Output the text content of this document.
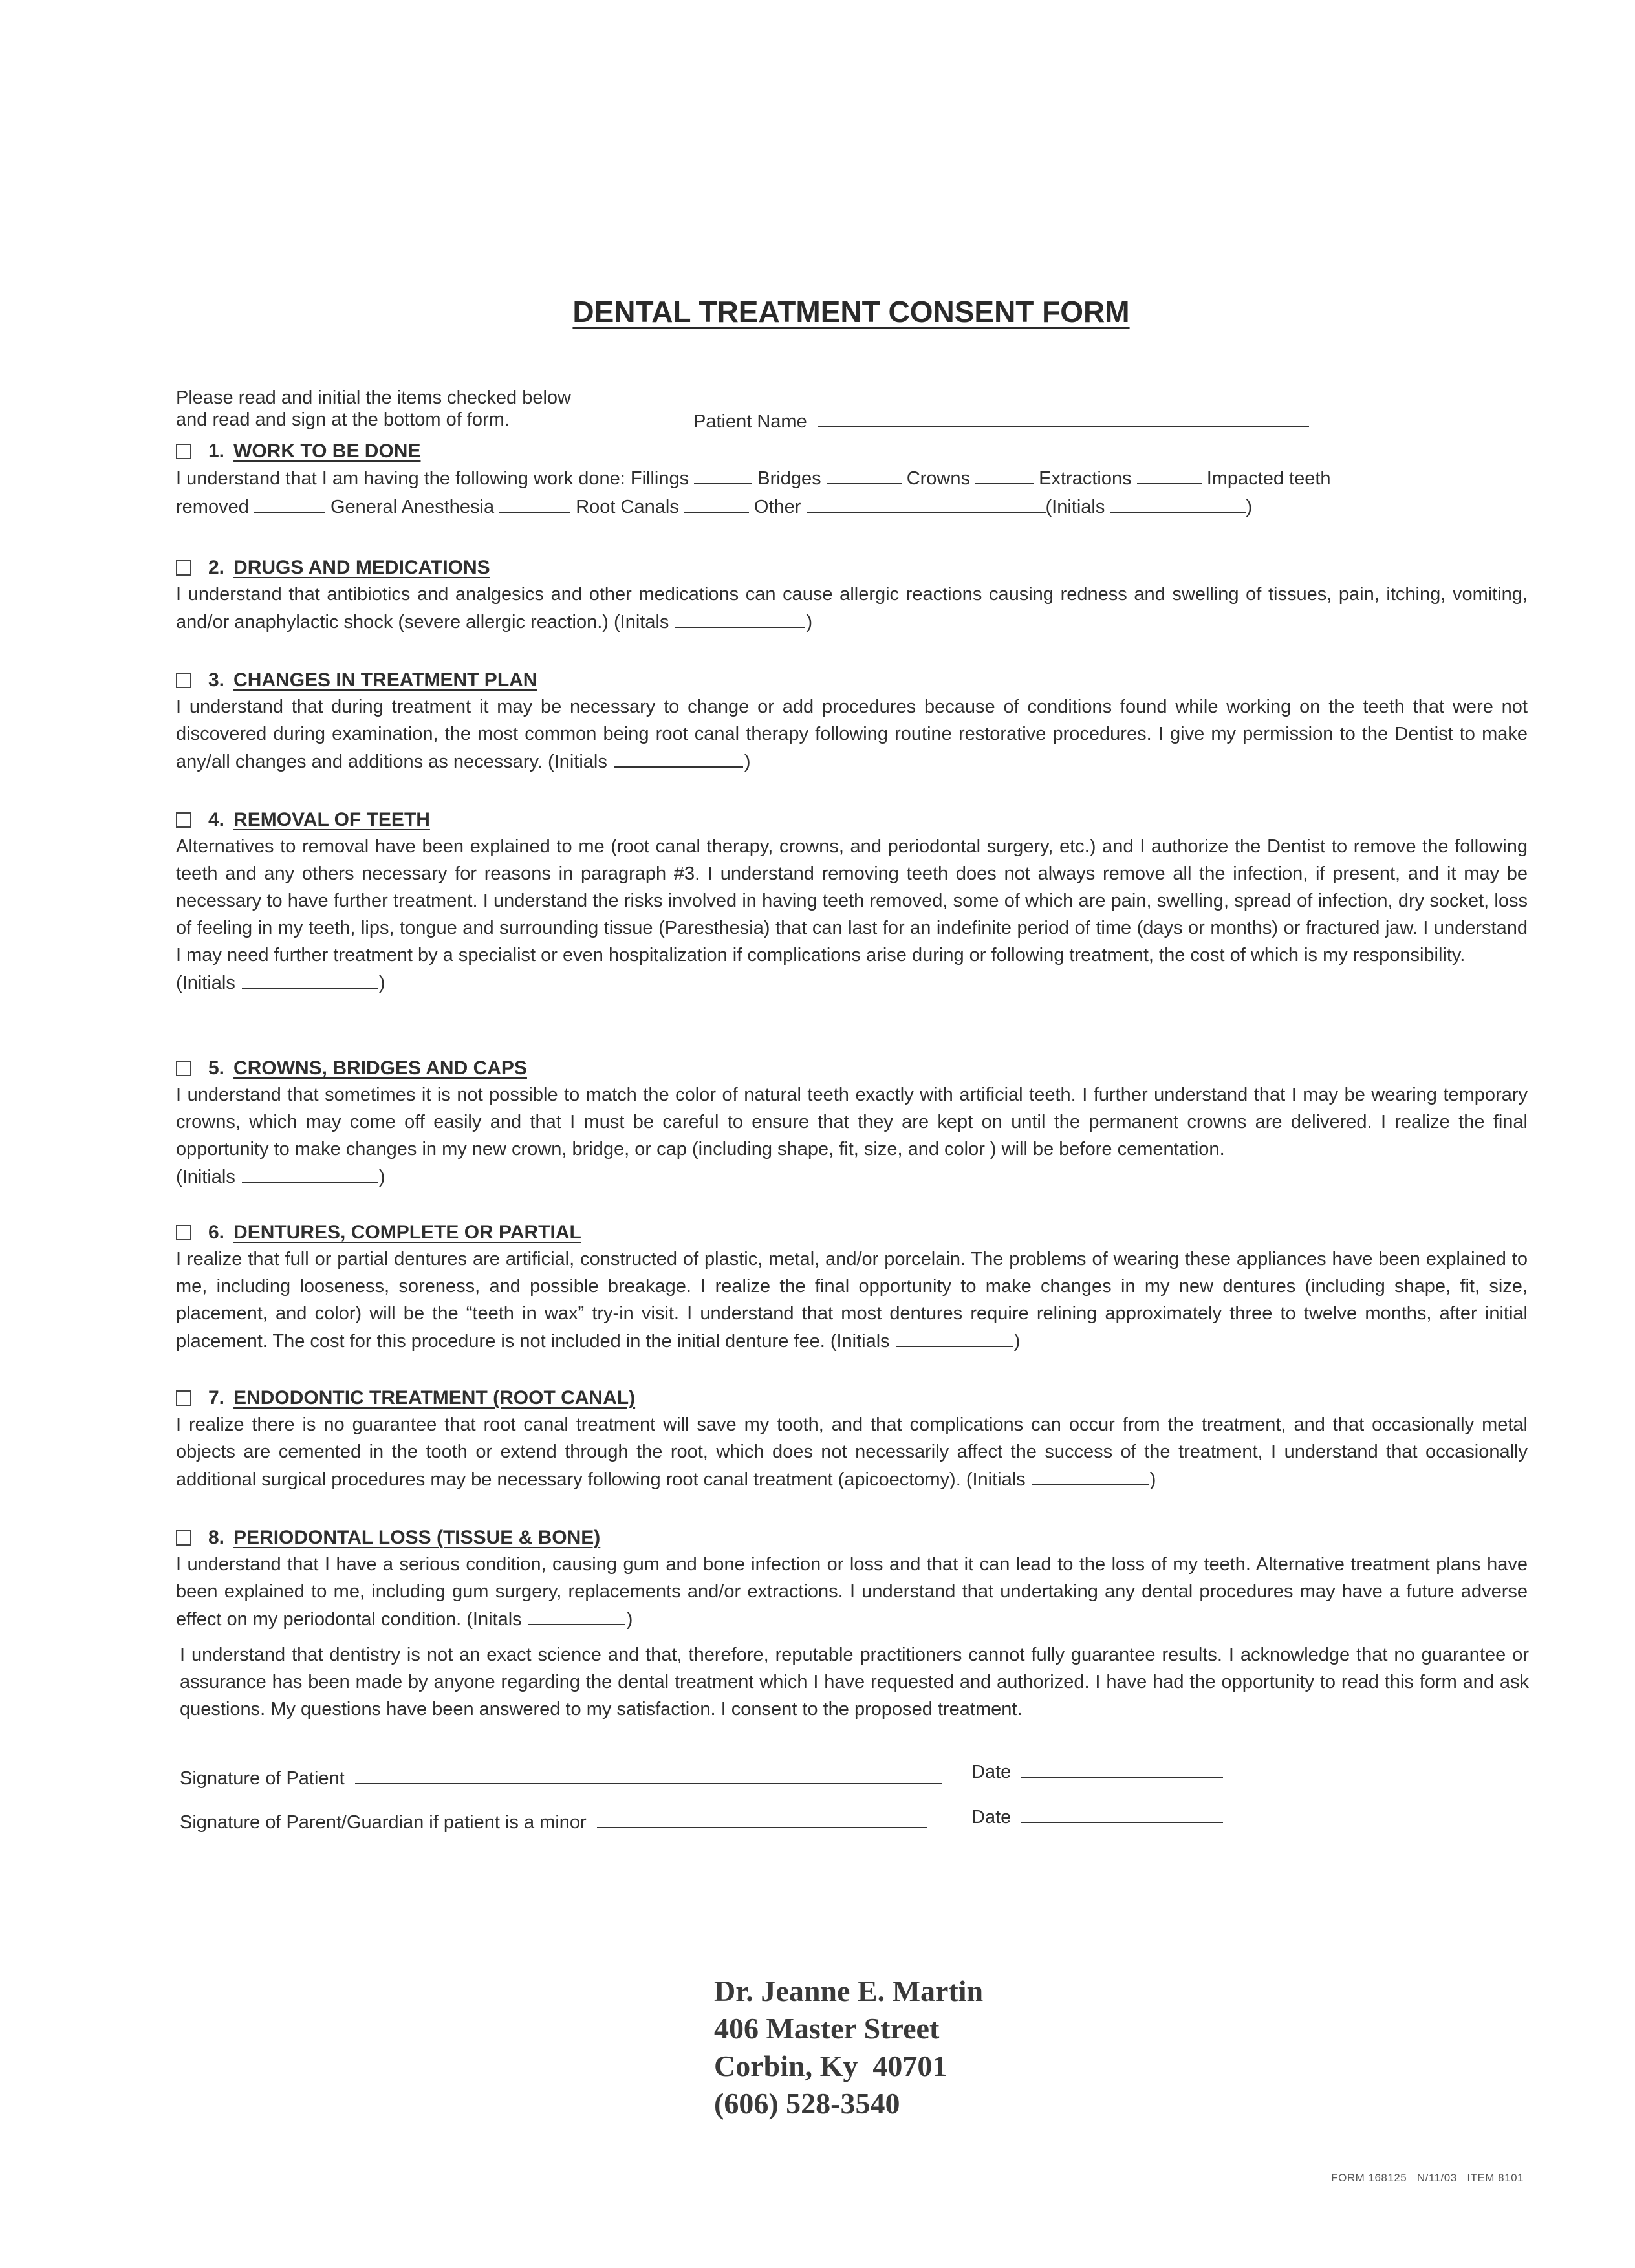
DENTAL TREATMENT CONSENT FORM
Please read and initial the items checked below
and read and sign at the bottom of form.	Patient Name
1. WORK TO BE DONE
I understand that I am having the following work done: Fillings	Bridges	Crowns	Extractions	Impacted teeth
removed	General Anesthesia	Root Canals	Other	(Initials	)
2. DRUGS AND MEDICATIONS
I understand that antibiotics and analgesics and other medications can cause allergic reactions causing redness and swelling of tissues, pain, itching, vomiting, and/or anaphylactic shock (severe allergic reaction.) (Initals	)
3. CHANGES IN TREATMENT PLAN
I understand that during treatment it may be necessary to change or add procedures because of conditions found while working on the teeth that were not discovered during examination, the most common being root canal therapy following routine restorative procedures. I give my permission to the Dentist to make any/all changes and additions as necessary. (Initials	)
4. REMOVAL OF TEETH
Alternatives to removal have been explained to me (root canal therapy, crowns, and periodontal surgery, etc.) and I authorize the Dentist to remove the following teeth and any others necessary for reasons in paragraph #3. I understand removing teeth does not always remove all the infection, if present, and it may be necessary to have further treatment. I understand the risks involved in having teeth removed, some of which are pain, swelling, spread of infection, dry socket, loss of feeling in my teeth, lips, tongue and surrounding tissue (Paresthesia) that can last for an indefinite period of time (days or months) or fractured jaw. I understand I may need further treatment by a specialist or even hospitalization if complications arise during or following treatment, the cost of which is my responsibility.
(Initials	)
5. CROWNS, BRIDGES AND CAPS
I understand that sometimes it is not possible to match the color of natural teeth exactly with artificial teeth. I further understand that I may be wearing temporary crowns, which may come off easily and that I must be careful to ensure that they are kept on until the permanent crowns are delivered. I realize the final opportunity to make changes in my new crown, bridge, or cap (including shape, fit, size, and color ) will be before cementation.
(Initials	)
6. DENTURES, COMPLETE OR PARTIAL
I realize that full or partial dentures are artificial, constructed of plastic, metal, and/or porcelain. The problems of wearing these appliances have been explained to me, including looseness, soreness, and possible breakage. I realize the final opportunity to make changes in my new dentures (including shape, fit, size, placement, and color) will be the “teeth in wax” try-in visit. I understand that most dentures require relining approximately three to twelve months, after initial placement. The cost for this procedure is not included in the initial denture fee. (Initials	)
7. ENDODONTIC TREATMENT (ROOT CANAL)
I realize there is no guarantee that root canal treatment will save my tooth, and that complications can occur from the treatment, and that occasionally metal objects are cemented in the tooth or extend through the root, which does not necessarily affect the success of the treatment, I understand that occasionally additional surgical procedures may be necessary following root canal treatment (apicoectomy). (Initials	)
8. PERIODONTAL LOSS (TISSUE & BONE)
I understand that I have a serious condition, causing gum and bone infection or loss and that it can lead to the loss of my teeth. Alternative treatment plans have been explained to me, including gum surgery, replacements and/or extractions. I understand that undertaking any dental procedures may have a future adverse effect on my periodontal condition. (Initals	)
I understand that dentistry is not an exact science and that, therefore, reputable practitioners cannot fully guarantee results. I acknowledge that no guarantee or assurance has been made by anyone regarding the dental treatment which I have requested and authorized. I have had the opportunity to read this form and ask questions. My questions have been answered to my satisfaction. I consent to the proposed treatment.
Signature of Patient	Date
Signature of Parent/Guardian if patient is a minor	Date
Dr. Jeanne E. Martin
406 Master Street
Corbin, Ky  40701
(606) 528-3540
FORM 168125   N/11/03   ITEM 8101
